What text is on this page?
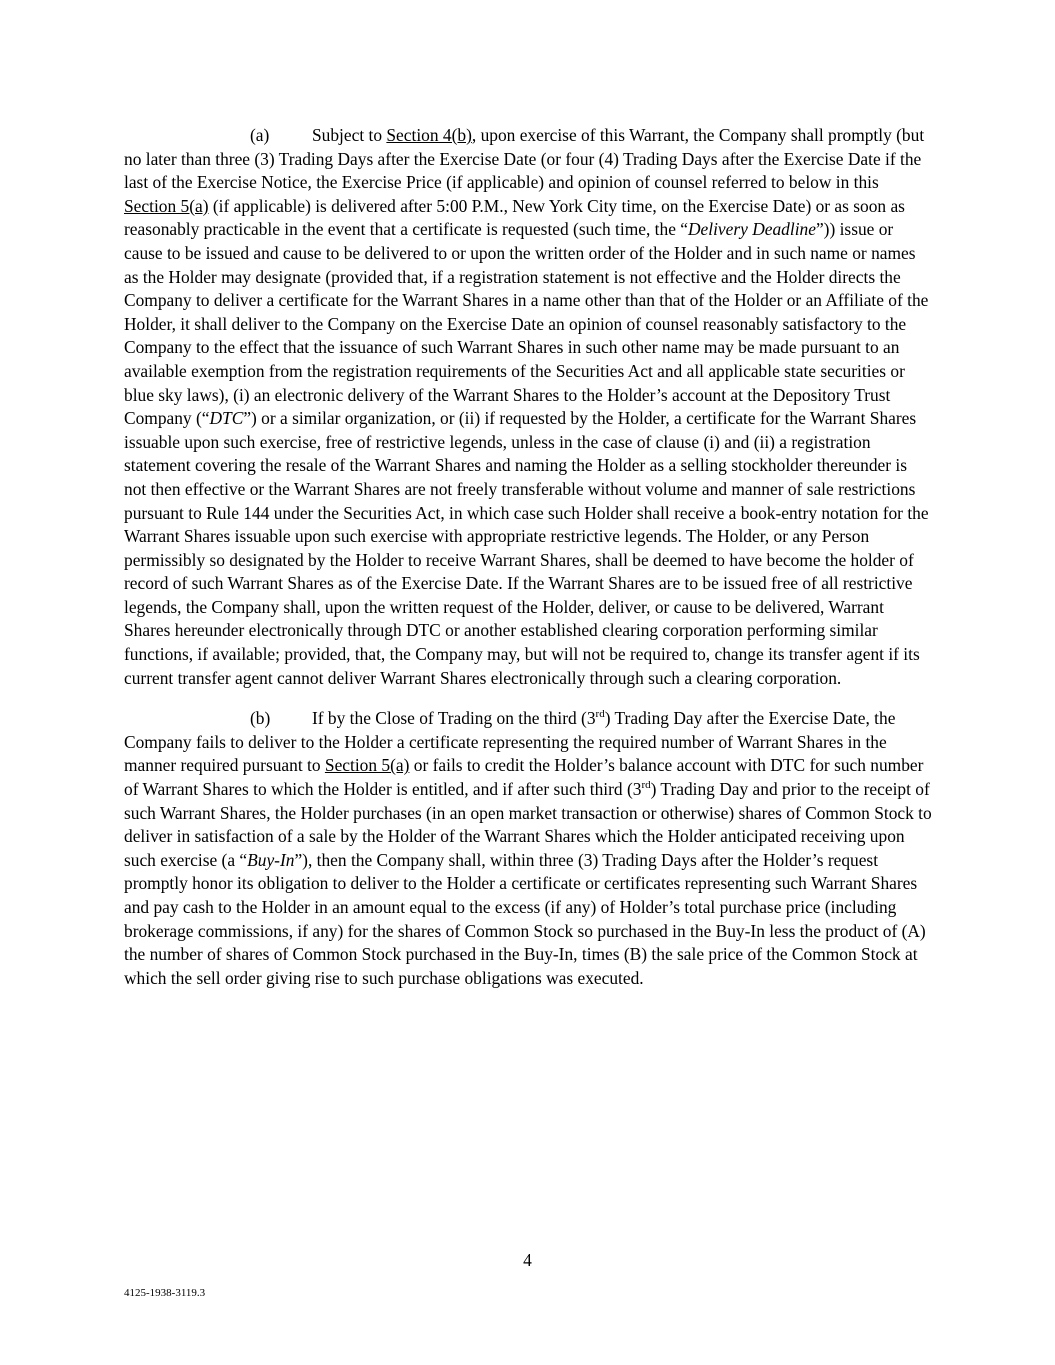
(a) Subject to Section 4(b), upon exercise of this Warrant, the Company shall promptly (but no later than three (3) Trading Days after the Exercise Date (or four (4) Trading Days after the Exercise Date if the last of the Exercise Notice, the Exercise Price (if applicable) and opinion of counsel referred to below in this Section 5(a) (if applicable) is delivered after 5:00 P.M., New York City time, on the Exercise Date) or as soon as reasonably practicable in the event that a certificate is requested (such time, the “Delivery Deadline”)) issue or cause to be issued and cause to be delivered to or upon the written order of the Holder and in such name or names as the Holder may designate (provided that, if a registration statement is not effective and the Holder directs the Company to deliver a certificate for the Warrant Shares in a name other than that of the Holder or an Affiliate of the Holder, it shall deliver to the Company on the Exercise Date an opinion of counsel reasonably satisfactory to the Company to the effect that the issuance of such Warrant Shares in such other name may be made pursuant to an available exemption from the registration requirements of the Securities Act and all applicable state securities or blue sky laws), (i) an electronic delivery of the Warrant Shares to the Holder’s account at the Depository Trust Company (“DTC”) or a similar organization, or (ii) if requested by the Holder, a certificate for the Warrant Shares issuable upon such exercise, free of restrictive legends, unless in the case of clause (i) and (ii) a registration statement covering the resale of the Warrant Shares and naming the Holder as a selling stockholder thereunder is not then effective or the Warrant Shares are not freely transferable without volume and manner of sale restrictions pursuant to Rule 144 under the Securities Act, in which case such Holder shall receive a book-entry notation for the Warrant Shares issuable upon such exercise with appropriate restrictive legends. The Holder, or any Person permissibly so designated by the Holder to receive Warrant Shares, shall be deemed to have become the holder of record of such Warrant Shares as of the Exercise Date. If the Warrant Shares are to be issued free of all restrictive legends, the Company shall, upon the written request of the Holder, deliver, or cause to be delivered, Warrant Shares hereunder electronically through DTC or another established clearing corporation performing similar functions, if available; provided, that, the Company may, but will not be required to, change its transfer agent if its current transfer agent cannot deliver Warrant Shares electronically through such a clearing corporation.

(b) If by the Close of Trading on the third (3rd) Trading Day after the Exercise Date, the Company fails to deliver to the Holder a certificate representing the required number of Warrant Shares in the manner required pursuant to Section 5(a) or fails to credit the Holder’s balance account with DTC for such number of Warrant Shares to which the Holder is entitled, and if after such third (3rd) Trading Day and prior to the receipt of such Warrant Shares, the Holder purchases (in an open market transaction or otherwise) shares of Common Stock to deliver in satisfaction of a sale by the Holder of the Warrant Shares which the Holder anticipated receiving upon such exercise (a “Buy-In”), then the Company shall, within three (3) Trading Days after the Holder’s request promptly honor its obligation to deliver to the Holder a certificate or certificates representing such Warrant Shares and pay cash to the Holder in an amount equal to the excess (if any) of Holder’s total purchase price (including brokerage commissions, if any) for the shares of Common Stock so purchased in the Buy-In less the product of (A) the number of shares of Common Stock purchased in the Buy-In, times (B) the sale price of the Common Stock at which the sell order giving rise to such purchase obligations was executed.

4
4125-1938-3119.3
